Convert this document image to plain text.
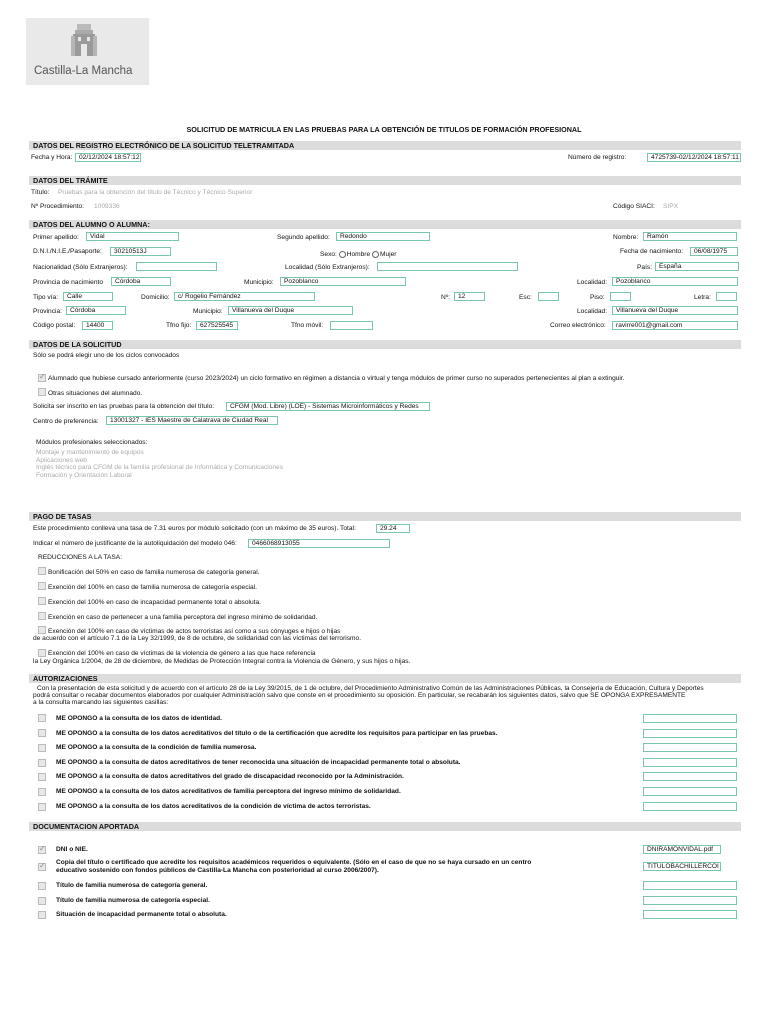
Castilla-La Mancha
SOLICITUD DE MATRICULA EN LAS PRUEBAS PARA LA OBTENCIÓN DE TITULOS DE FORMACIÓN PROFESIONAL
DATOS DEL REGISTRO ELECTRÓNICO DE LA SOLICITUD TELETRAMITADA
Fecha y Hora: 02/12/2024 18:57:12	Número de registro:	4725739-02/12/2024 18:57:11
DATOS DEL TRÁMITE
Título: Pruebas para la obtención del título de Técnico y Técnico Superior
Nº Procedimiento: 1009336	Código SIACI: SIPX
DATOS DEL ALUMNO O ALUMNA:
Primer apellido:	Vidal	Segundo apellido:	Redondo	Nombre:	Ramón
D.N.I./N.I.E./Pasaporte:	30210513J	Sexo: Hombre Mujer	Fecha de nacimiento:	06/08/1975
Nacionalidad (Sólo Extranjeros):	Localidad (Sólo Extranjeros):	País:	España
Provincia de nacimiento	Córdoba	Municipio:	Pozoblanco	Localidad:	Pozoblanco
Tipo vía:	Calle	Domicilio:	c/ Rogelio Fernández	Nº:	12	Esc:	Piso:	Letra:
Provincia:	Córdoba	Municipio:	Villanueva del Duque	Localidad:	Villanueva del Duque
Código postal:	14400	Tfno fijo:	627525545	Tfno móvil:	Correo electrónico:	ravirre001@gmail.com
DATOS DE LA SOLICITUD
Sólo se podrá elegir uno de los ciclos convocados
✓
Alumnado que hubiese cursado anteriormente (curso 2023/2024) un ciclo formativo en régimen a distancia o virtual y tenga módulos de primer curso no superados pertenecientes al plan a extinguir.
Otras situaciones del alumnado.
Solicita ser inscrito en las pruebas para la obtención del título:	CFGM (Mod. Libre) (LOE) - Sistemas Microinformáticos y Redes
Centro de preferencia:	13001327 - IES Maestre de Calatrava de Ciudad Real
Módulos profesionales seleccionados:
Montaje y mantenimiento de equipos
Aplicaciones web
Inglés técnico para CFGM de la familia profesional de Informática y Comunicaciones
Formación y Orientación Laboral
PAGO DE TASAS
Este procedimiento conlleva una tasa de 7.31 euros por módulo solicitado (con un máximo de 35 euros). Total:	29.24
Indicar el número de justificante de la autoliquidación del modelo 046:	0466068913055
REDUCCIONES A LA TASA:
Bonificación del 50% en caso de familia numerosa de categoría general.
Exención del 100% en caso de familia numerosa de categoría especial.
Exención del 100% en caso de incapacidad permanente total o absoluta.
Exención en caso de pertenecer a una familia perceptora del ingreso mínimo de solidaridad.
Exención del 100% en caso de víctimas de actos terroristas así como a sus cónyuges e hijos o hijas
de acuerdo con el artículo 7.1 de la Ley 32/1999, de 8 de octubre, de solidaridad con las víctimas del terrorismo.
Exención del 100% en caso de víctimas de la violencia de género a las que hace referencia
la Ley Orgánica 1/2004, de 28 de diciembre, de Medidas de Protección Integral contra la Violencia de Género, y sus hijos o hijas.
AUTORIZACIONES
Con la presentación de esta solicitud y de acuerdo con el artículo 28 de la Ley 39/2015, de 1 de octubre, del Procedimiento Administrativo Común de las Administraciones Públicas, la Consejería de Educación, Cultura y Deportes
podrá consultar o recabar documentos elaborados por cualquier Administración salvo que conste en el procedimiento su oposición. En particular, se recabarán los siguientes datos, salvo que SE OPONGA EXPRESAMENTE
a la consulta marcando las siguientes casillas:
ME OPONGO a la consulta de los datos de identidad.
ME OPONGO a la consulta de los datos acreditativos del título o de la certificación que acredite los requisitos para participar en las pruebas.
ME OPONGO a la consulta de la condición de familia numerosa.
ME OPONGO a la consulta de datos acreditativos de tener reconocida una situación de incapacidad permanente total o absoluta.
ME OPONGO a la consulta de datos acreditativos del grado de discapacidad reconocido por la Administración.
ME OPONGO a la consulta de los datos acreditativos de familia perceptora del ingreso mínimo de solidaridad.
ME OPONGO a la consulta de los datos acreditativos de la condición de víctima de actos terroristas.
DOCUMENTACION APORTADA
✓
DNI o NIE.	DNIRAMONVIDAL.pdf
✓
Copia del título o certificado que acredite los requisitos académicos requeridos o equivalente. (Sólo en el caso de que no se haya cursado en un centro
educativo sostenido con fondos públicos de Castilla-La Mancha con posterioridad al curso 2006/2007).
TITULOBACHILLERCOI
Título de familia numerosa de categoría general.
Título de familia numerosa de categoría especial.
Situación de incapacidad permanente total o absoluta.
